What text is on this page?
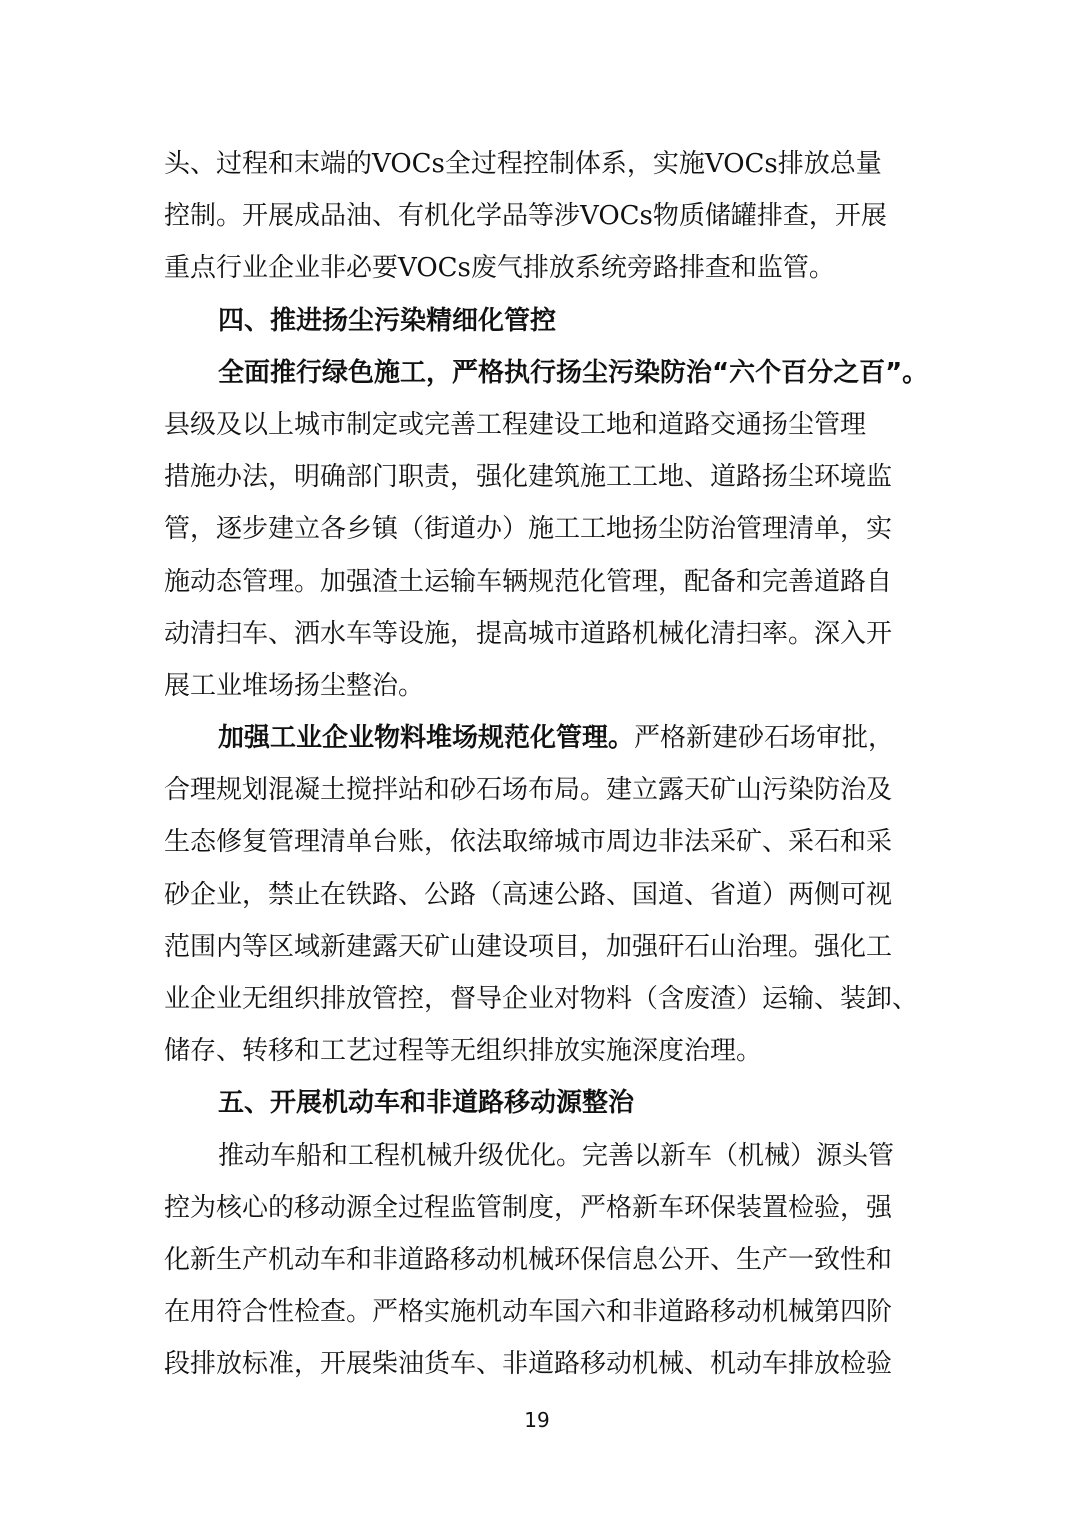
头、过程和末端的VOCs全过程控制体系，实施VOCs排放总量
控制。开展成品油、有机化学品等涉VOCs物质储罐排查，开展
重点行业企业非必要VOCs废气排放系统旁路排查和监管。
四、推进扬尘污染精细化管控
全面推行绿色施工，严格执行扬尘污染防治“六个百分之百”。
县级及以上城市制定或完善工程建设工地和道路交通扬尘管理
措施办法，明确部门职责，强化建筑施工工地、道路扬尘环境监
管，逐步建立各乡镇（街道办）施工工地扬尘防治管理清单，实
施动态管理。加强渣土运输车辆规范化管理，配备和完善道路自
动清扫车、洒水车等设施，提高城市道路机械化清扫率。深入开
展工业堆场扬尘整治。
加强工业企业物料堆场规范化管理。严格新建砂石场审批，
合理规划混凝土搅拌站和砂石场布局。建立露天矿山污染防治及
生态修复管理清单台账，依法取缔城市周边非法采矿、采石和采
砂企业，禁止在铁路、公路（高速公路、国道、省道）两侧可视
范围内等区域新建露天矿山建设项目，加强矸石山治理。强化工
业企业无组织排放管控，督导企业对物料（含废渣）运输、装卸、
储存、转移和工艺过程等无组织排放实施深度治理。
五、开展机动车和非道路移动源整治
推动车船和工程机械升级优化。完善以新车（机械）源头管
控为核心的移动源全过程监管制度，严格新车环保装置检验，强
化新生产机动车和非道路移动机械环保信息公开、生产一致性和
在用符合性检查。严格实施机动车国六和非道路移动机械第四阶
段排放标准，开展柴油货车、非道路移动机械、机动车排放检验
19
